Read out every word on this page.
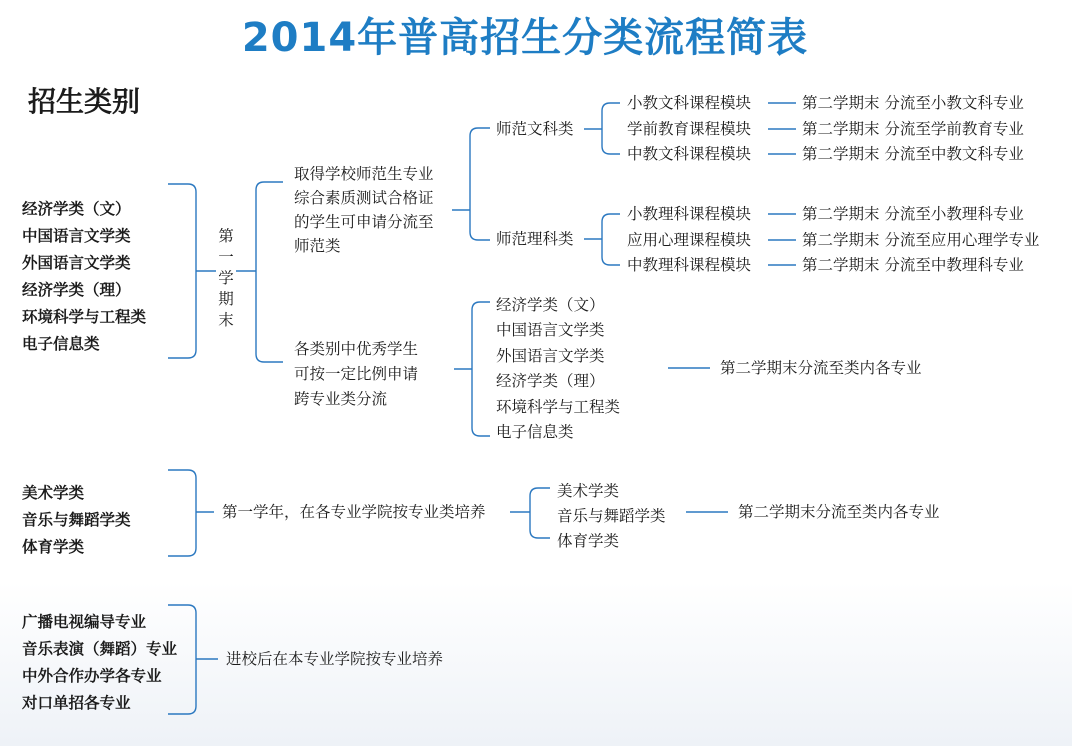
2014年普高招生分类流程简表
招生类别
经济学类（文）
中国语言文学类
外国语言文学类
经济学类（理）
环境科学与工程类
电子信息类
第
一
学
期
末
取得学校师范生专业
综合素质测试合格证
的学生可申请分流至
师范类
师范文科类
师范理科类
小教文科课程模块
学前教育课程模块
中教文科课程模块
第二学期末 分流至小教文科专业
第二学期末 分流至学前教育专业
第二学期末 分流至中教文科专业
小教理科课程模块
应用心理课程模块
中教理科课程模块
第二学期末 分流至小教理科专业
第二学期末 分流至应用心理学专业
第二学期末 分流至中教理科专业
各类别中优秀学生
可按一定比例申请
跨专业类分流
经济学类（文）
中国语言文学类
外国语言文学类
经济学类（理）
环境科学与工程类
电子信息类
第二学期末分流至类内各专业
美术学类
音乐与舞蹈学类
体育学类
第一学年，在各专业学院按专业类培养
美术学类
音乐与舞蹈学类
体育学类
第二学期末分流至类内各专业
广播电视编导专业
音乐表演（舞蹈）专业
中外合作办学各专业
对口单招各专业
进校后在本专业学院按专业培养
